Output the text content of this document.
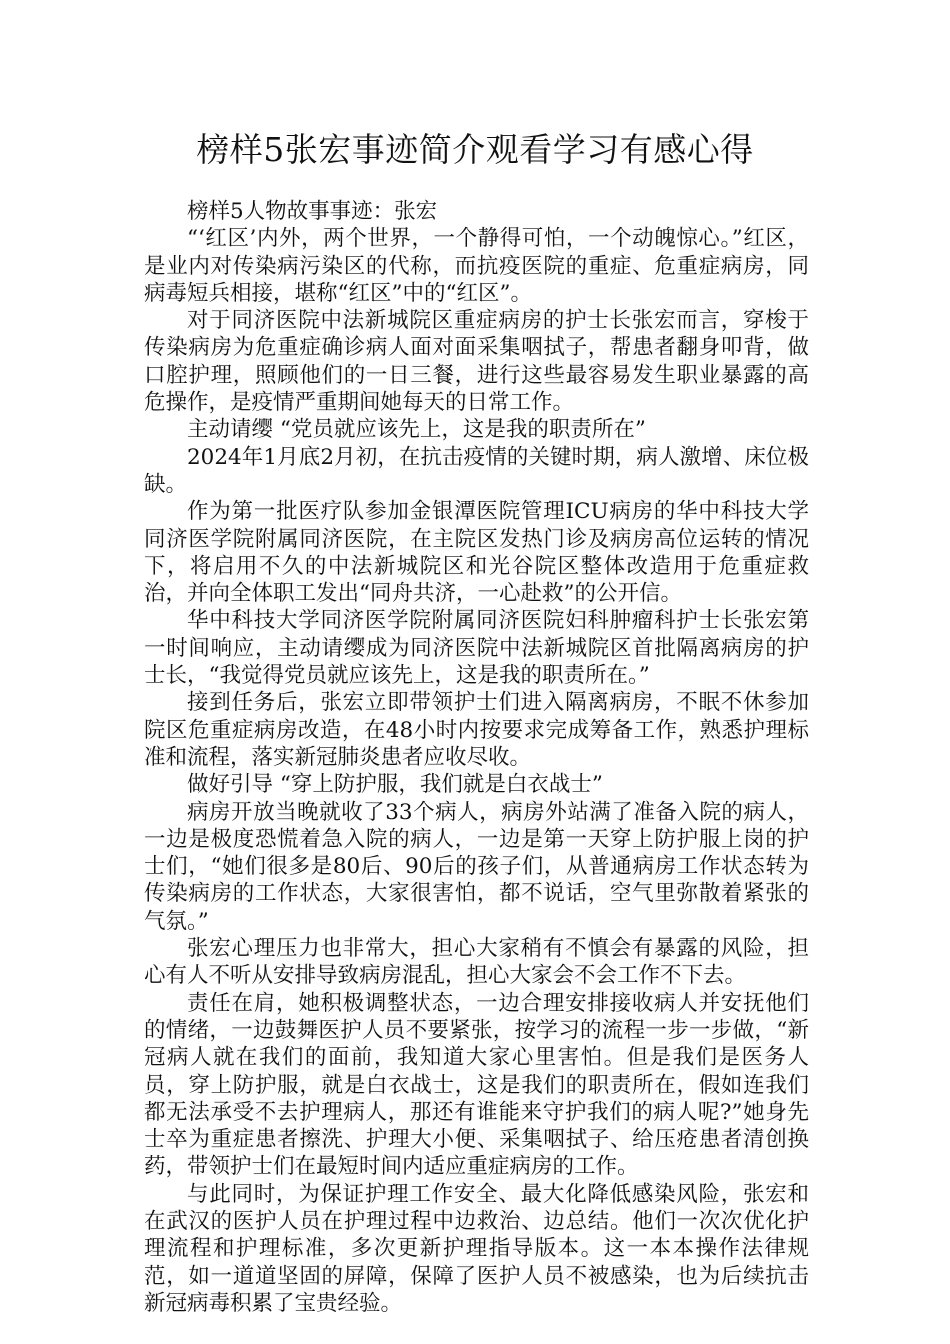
榜样5张宏事迹简介观看学习有感心得

榜样5人物故事事迹：张宏

“‘红区’内外，两个世界，一个静得可怕，一个动魄惊心。”红区，是业内对传染病污染区的代称，而抗疫医院的重症、危重症病房，同病毒短兵相接，堪称“红区”中的“红区”。

对于同济医院中法新城院区重症病房的护士长张宏而言，穿梭于传染病房为危重症确诊病人面对面采集咽拭子，帮患者翻身叩背，做口腔护理，照顾他们的一日三餐，进行这些最容易发生职业暴露的高危操作，是疫情严重期间她每天的日常工作。

主动请缨 “党员就应该先上，这是我的职责所在”

2024年1月底2月初，在抗击疫情的关键时期，病人激增、床位极缺。

作为第一批医疗队参加金银潭医院管理ICU病房的华中科技大学同济医学院附属同济医院，在主院区发热门诊及病房高位运转的情况下，将启用不久的中法新城院区和光谷院区整体改造用于危重症救治，并向全体职工发出“同舟共济，一心赴救”的公开信。

华中科技大学同济医学院附属同济医院妇科肿瘤科护士长张宏第一时间响应，主动请缨成为同济医院中法新城院区首批隔离病房的护士长，“我觉得党员就应该先上，这是我的职责所在。”

接到任务后，张宏立即带领护士们进入隔离病房，不眠不休参加院区危重症病房改造，在48小时内按要求完成筹备工作，熟悉护理标准和流程，落实新冠肺炎患者应收尽收。

做好引导 “穿上防护服，我们就是白衣战士”

病房开放当晚就收了33个病人，病房外站满了准备入院的病人，一边是极度恐慌着急入院的病人，一边是第一天穿上防护服上岗的护士们，“她们很多是80后、90后的孩子们，从普通病房工作状态转为传染病房的工作状态，大家很害怕，都不说话，空气里弥散着紧张的气氛。”

张宏心理压力也非常大，担心大家稍有不慎会有暴露的风险，担心有人不听从安排导致病房混乱，担心大家会不会工作不下去。

责任在肩，她积极调整状态，一边合理安排接收病人并安抚他们的情绪，一边鼓舞医护人员不要紧张，按学习的流程一步一步做，“新冠病人就在我们的面前，我知道大家心里害怕。但是我们是医务人员，穿上防护服，就是白衣战士，这是我们的职责所在，假如连我们都无法承受不去护理病人，那还有谁能来守护我们的病人呢?”她身先士卒为重症患者擦洗、护理大小便、采集咽拭子、给压疮患者清创换药，带领护士们在最短时间内适应重症病房的工作。

与此同时，为保证护理工作安全、最大化降低感染风险，张宏和在武汉的医护人员在护理过程中边救治、边总结。他们一次次优化护理流程和护理标准，多次更新护理指导版本。这一本本操作法律规范，如一道道坚固的屏障，保障了医护人员不被感染，也为后续抗击新冠病毒积累了宝贵经验。
